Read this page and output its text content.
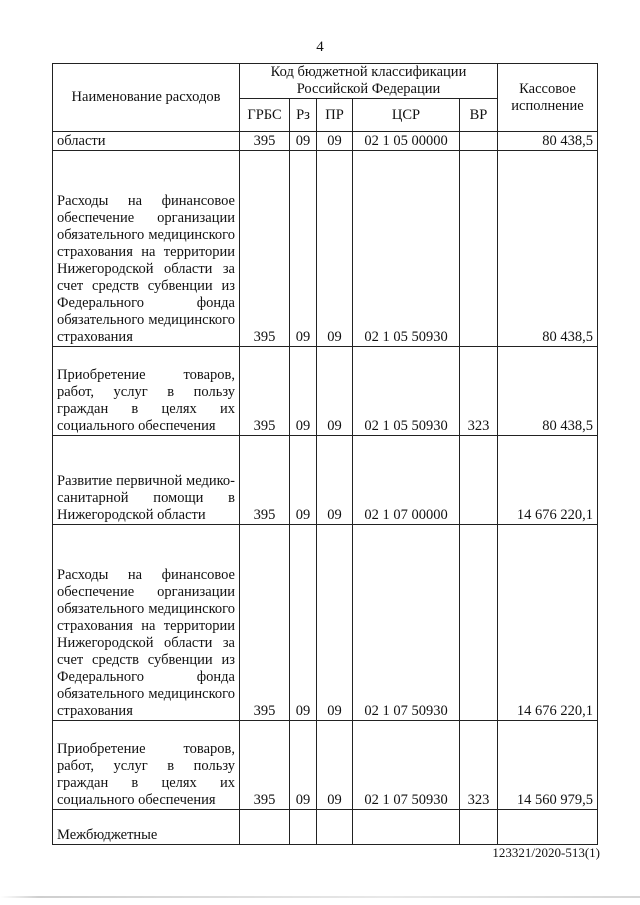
4
Наименование расходов	Код бюджетной классификации Российской Федерации					Кассовое исполнение
	ГРБС	Рз	ПР	ЦСР	ВР	
области	395	09	09	02 1 05 00000		80 438,5
Расходы на финансовое обеспечение организации обязательного медицинского страхования на территории Нижегородской области за счет средств субвенции из Федерального фонда обязательного медицинского страхования	395	09	09	02 1 05 50930		80 438,5
Приобретение товаров, работ, услуг в пользу граждан в целях их социального обеспечения	395	09	09	02 1 05 50930	323	80 438,5
Развитие первичной медико-санитарной помощи в Нижегородской области	395	09	09	02 1 07 00000		14 676 220,1
Расходы на финансовое обеспечение организации обязательного медицинского страхования на территории Нижегородской области за счет средств субвенции из Федерального фонда обязательного медицинского страхования	395	09	09	02 1 07 50930		14 676 220,1
Приобретение товаров, работ, услуг в пользу граждан в целях их социального обеспечения	395	09	09	02 1 07 50930	323	14 560 979,5
Межбюджетные						
123321/2020-513(1)
